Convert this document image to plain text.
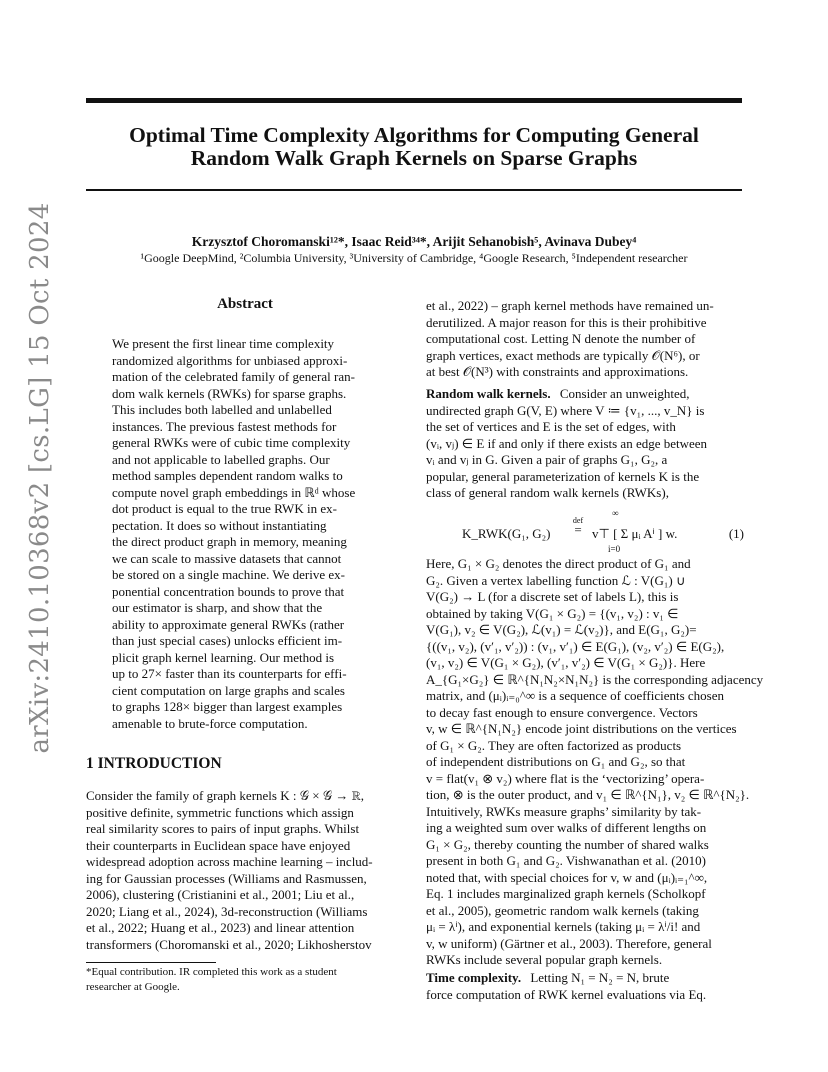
arXiv:2410.10368v2 [cs.LG] 15 Oct 2024
Optimal Time Complexity Algorithms for Computing General
Random Walk Graph Kernels on Sparse Graphs
Krzysztof Choromanski¹²*, Isaac Reid³⁴*, Arijit Sehanobish⁵, Avinava Dubey⁴
¹Google DeepMind, ²Columbia University, ³University of Cambridge, ⁴Google Research, ⁵Independent researcher
Abstract
We present the first linear time complexity
randomized algorithms for unbiased approxi-
mation of the celebrated family of general ran-
dom walk kernels (RWKs) for sparse graphs.
This includes both labelled and unlabelled
instances. The previous fastest methods for
general RWKs were of cubic time complexity
and not applicable to labelled graphs. Our
method samples dependent random walks to
compute novel graph embeddings in ℝᵈ whose
dot product is equal to the true RWK in ex-
pectation. It does so without instantiating
the direct product graph in memory, meaning
we can scale to massive datasets that cannot
be stored on a single machine. We derive ex-
ponential concentration bounds to prove that
our estimator is sharp, and show that the
ability to approximate general RWKs (rather
than just special cases) unlocks efficient im-
plicit graph kernel learning. Our method is
up to 27× faster than its counterparts for effi-
cient computation on large graphs and scales
to graphs 128× bigger than largest examples
amenable to brute-force computation.
1 INTRODUCTION
Consider the family of graph kernels K : 𝒢 × 𝒢 → ℝ,
positive definite, symmetric functions which assign
real similarity scores to pairs of input graphs. Whilst
their counterparts in Euclidean space have enjoyed
widespread adoption across machine learning – includ-
ing for Gaussian processes (Williams and Rasmussen,
2006), clustering (Cristianini et al., 2001; Liu et al.,
2020; Liang et al., 2024), 3d-reconstruction (Williams
et al., 2022; Huang et al., 2023) and linear attention
transformers (Choromanski et al., 2020; Likhosherstov
*Equal contribution. IR completed this work as a student
researcher at Google.
et al., 2022) – graph kernel methods have remained un-
derutilized. A major reason for this is their prohibitive
computational cost. Letting N denote the number of
graph vertices, exact methods are typically 𝒪(N⁶), or
at best 𝒪(N³) with constraints and approximations.
Random walk kernels. Consider an unweighted,
undirected graph G(V, E) where V ≔ {v₁, ..., v_N} is
the set of vertices and E is the set of edges, with
(vᵢ, vⱼ) ∈ E if and only if there exists an edge between
vᵢ and vⱼ in G. Given a pair of graphs G₁, G₂, a
popular, general parameterization of kernels K is the
class of general random walk kernels (RWKs),
K_RWK(G₁, G₂)
def
=
∞
v⊤ [ Σ μᵢ Aⁱ ] w.
i=0
(1)
Here, G₁ × G₂ denotes the direct product of G₁ and
G₂. Given a vertex labelling function ℒ : V(G₁) ∪
V(G₂) → L (for a discrete set of labels L), this is
obtained by taking V(G₁ × G₂) = {(v₁, v₂) : v₁ ∈
V(G₁), v₂ ∈ V(G₂), ℒ(v₁) = ℒ(v₂)}, and E(G₁, G₂)=
{((v₁, v₂), (v′₁, v′₂)) : (v₁, v′₁) ∈ E(G₁), (v₂, v′₂) ∈ E(G₂),
(v₁, v₂) ∈ V(G₁ × G₂), (v′₁, v′₂) ∈ V(G₁ × G₂)}. Here
A_{G₁×G₂} ∈ ℝ^{N₁N₂×N₁N₂} is the corresponding adjacency
matrix, and (μᵢ)ᵢ₌₀^∞ is a sequence of coefficients chosen
to decay fast enough to ensure convergence. Vectors
v, w ∈ ℝ^{N₁N₂} encode joint distributions on the vertices
of G₁ × G₂. They are often factorized as products
of independent distributions on G₁ and G₂, so that
v = flat(v₁ ⊗ v₂) where flat is the ‘vectorizing’ opera-
tion, ⊗ is the outer product, and v₁ ∈ ℝ^{N₁}, v₂ ∈ ℝ^{N₂}.
Intuitively, RWKs measure graphs’ similarity by tak-
ing a weighted sum over walks of different lengths on
G₁ × G₂, thereby counting the number of shared walks
present in both G₁ and G₂. Vishwanathan et al. (2010)
noted that, with special choices for v, w and (μᵢ)ᵢ₌₁^∞,
Eq. 1 includes marginalized graph kernels (Scholkopf
et al., 2005), geometric random walk kernels (taking
μᵢ = λⁱ), and exponential kernels (taking μᵢ = λⁱ/i! and
v, w uniform) (Gärtner et al., 2003). Therefore, general
RWKs include several popular graph kernels.
Time complexity. Letting N₁ = N₂ = N, brute
force computation of RWK kernel evaluations via Eq.
